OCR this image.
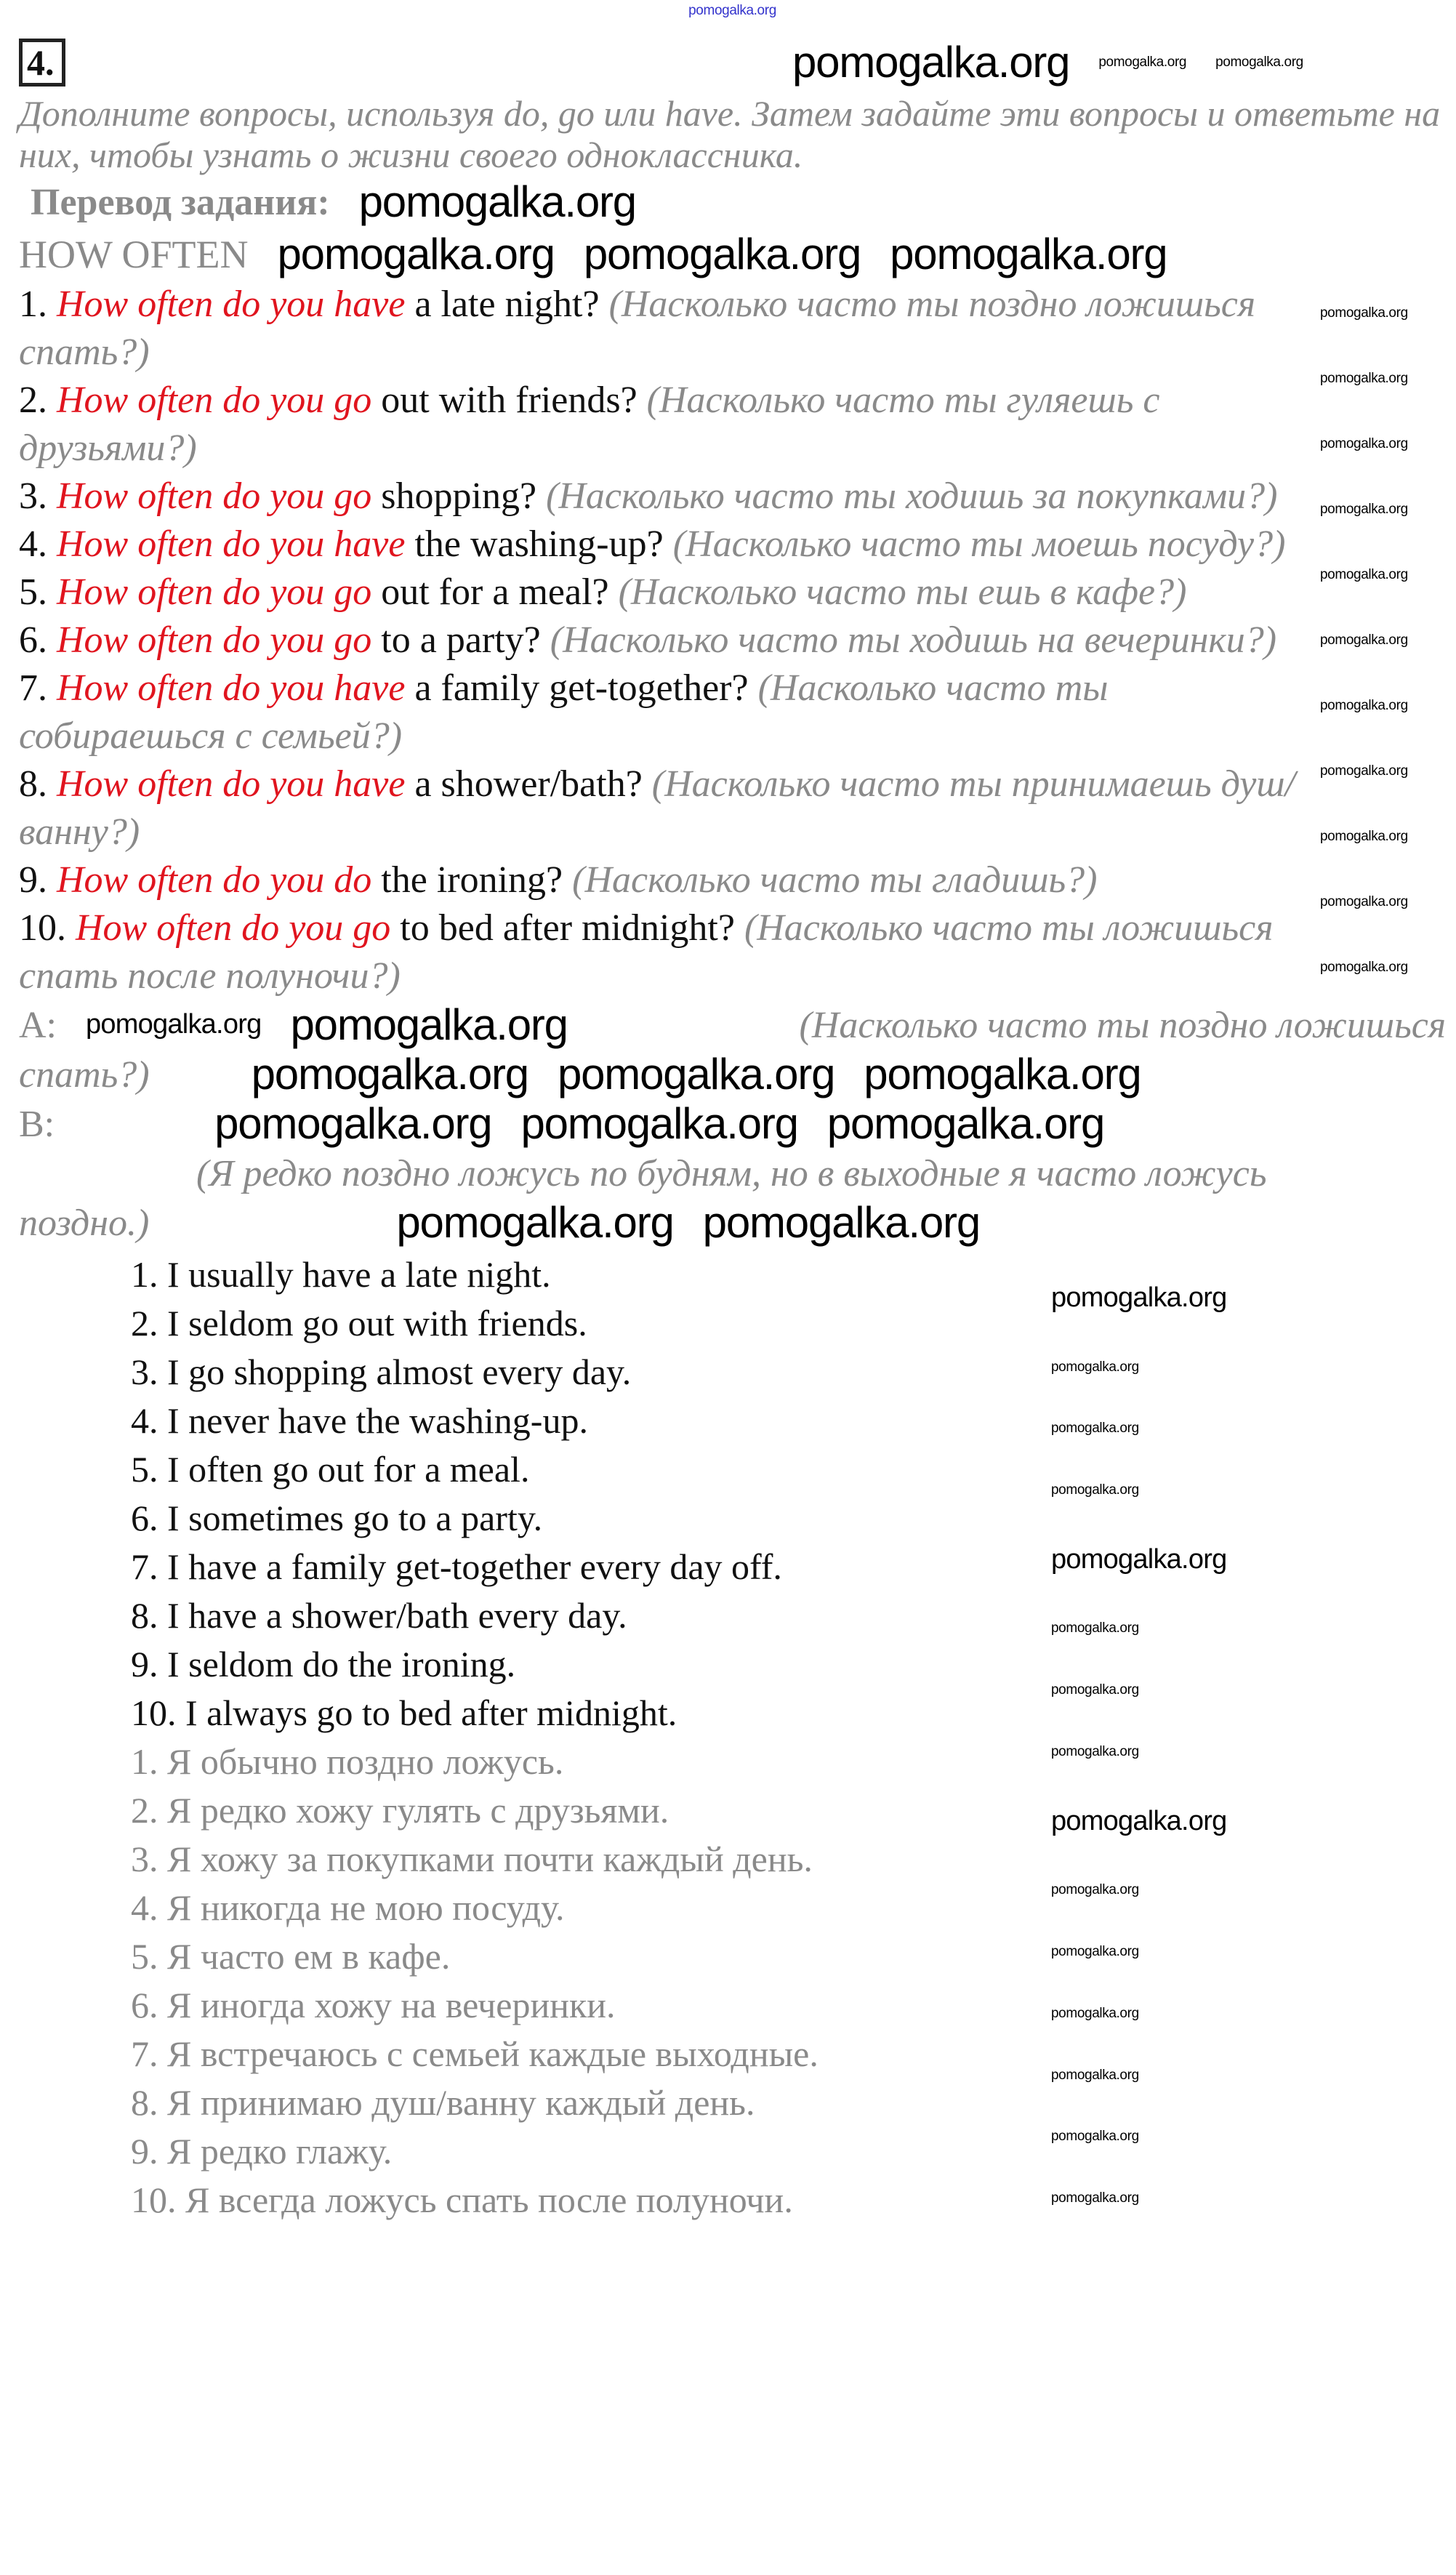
pomogalka.org
4.	pomogalka.org pomogalka.org pomogalka.org
Дополните вопросы, используя do, go или have. Затем задайте эти вопросы и ответьте на них, чтобы узнать о жизни своего одноклассника.
Перевод задания: pomogalka.org
HOW OFTEN pomogalka.org pomogalka.org pomogalka.org

1. How often do you have a late night? (Насколько часто ты поздно ложишься спать?)

2. How often do you go out with friends? (Насколько часто ты гуляешь с друзьями?)

3. How often do you go shopping? (Насколько часто ты ходишь за покупками?)

4. How often do you have the washing-up? (Насколько часто ты моешь посуду?)

5. How often do you go out for a meal? (Насколько часто ты ешь в кафе?)

6. How often do you go to a party? (Насколько часто ты ходишь на вечеринки?)

7. How often do you have a family get-together? (Насколько часто ты собираешься с семьей?)

8. How often do you have a shower/bath? (Насколько часто ты принимаешь душ/ванну?)

9. How often do you do the ironing? (Насколько часто ты гладишь?)

10. How often do you go to bed after midnight? (Насколько часто ты ложишься спать после полуночи?)

pomogalka.org
pomogalka.org
pomogalka.org
pomogalka.org
pomogalka.org
pomogalka.org
pomogalka.org
pomogalka.org
pomogalka.org
pomogalka.org
pomogalka.org
A: pomogalka.org pomogalka.org	(Насколько часто ты поздно ложишься
спать?) pomogalka.org pomogalka.org pomogalka.org
B:	pomogalka.org pomogalka.org pomogalka.org
(Я редко поздно ложусь по будням, но в выходные я часто ложусь
поздно.)	pomogalka.org pomogalka.org
1. I usually have a late night.
2. I seldom go out with friends.
3. I go shopping almost every day.
4. I never have the washing-up.
5. I often go out for a meal.
6. I sometimes go to a party.
7. I have a family get-together every day off.
8. I have a shower/bath every day.
9. I seldom do the ironing.
10. I always go to bed after midnight.
1. Я обычно поздно ложусь.
2. Я редко хожу гулять с друзьями.
3. Я хожу за покупками почти каждый день.
4. Я никогда не мою посуду.
5. Я часто ем в кафе.
6. Я иногда хожу на вечеринки.
7. Я встречаюсь с семьей каждые выходные.
8. Я принимаю душ/ванну каждый день.
9. Я редко глажу.
10. Я всегда ложусь спать после полуночи.
pomogalka.org
pomogalka.org
pomogalka.org
pomogalka.org
pomogalka.org
pomogalka.org
pomogalka.org
pomogalka.org
pomogalka.org
pomogalka.org
pomogalka.org
pomogalka.org
pomogalka.org
pomogalka.org
pomogalka.org
